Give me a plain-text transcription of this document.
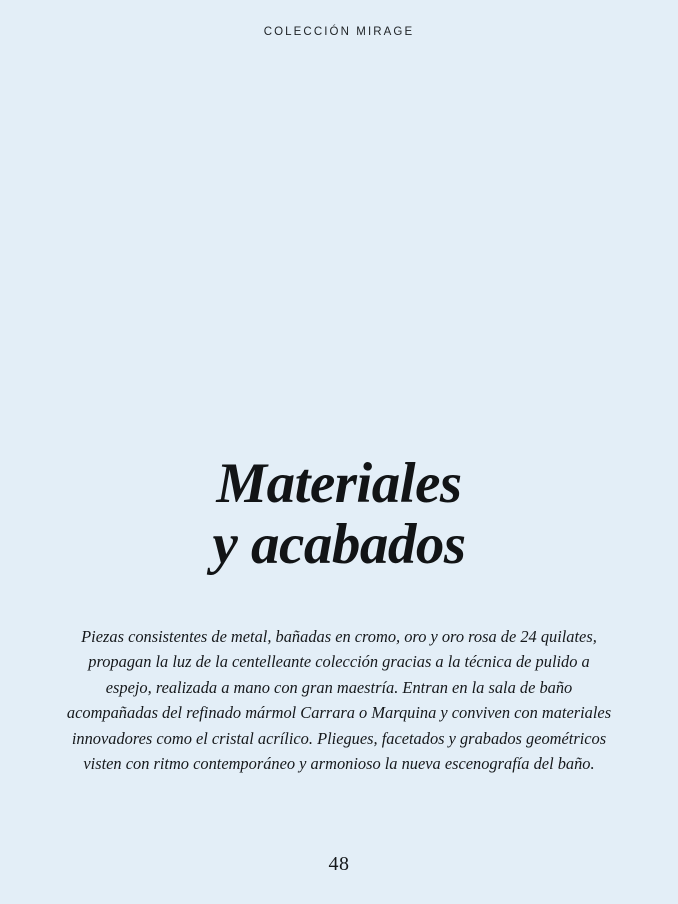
COLECCIÓN MIRAGE
Materiales
y acabados

Piezas consistentes de metal, bañadas en cromo, oro y oro rosa de 24 quilates, propagan la luz de la centelleante colección gracias a la técnica de pulido a espejo, realizada a mano con gran maestría. Entran en la sala de baño acompañadas del refinado mármol Carrara o Marquina y conviven con materiales innovadores como el cristal acrílico. Pliegues, facetados y grabados geométricos visten con ritmo contemporáneo y armonioso la nueva escenografía del baño.

48
